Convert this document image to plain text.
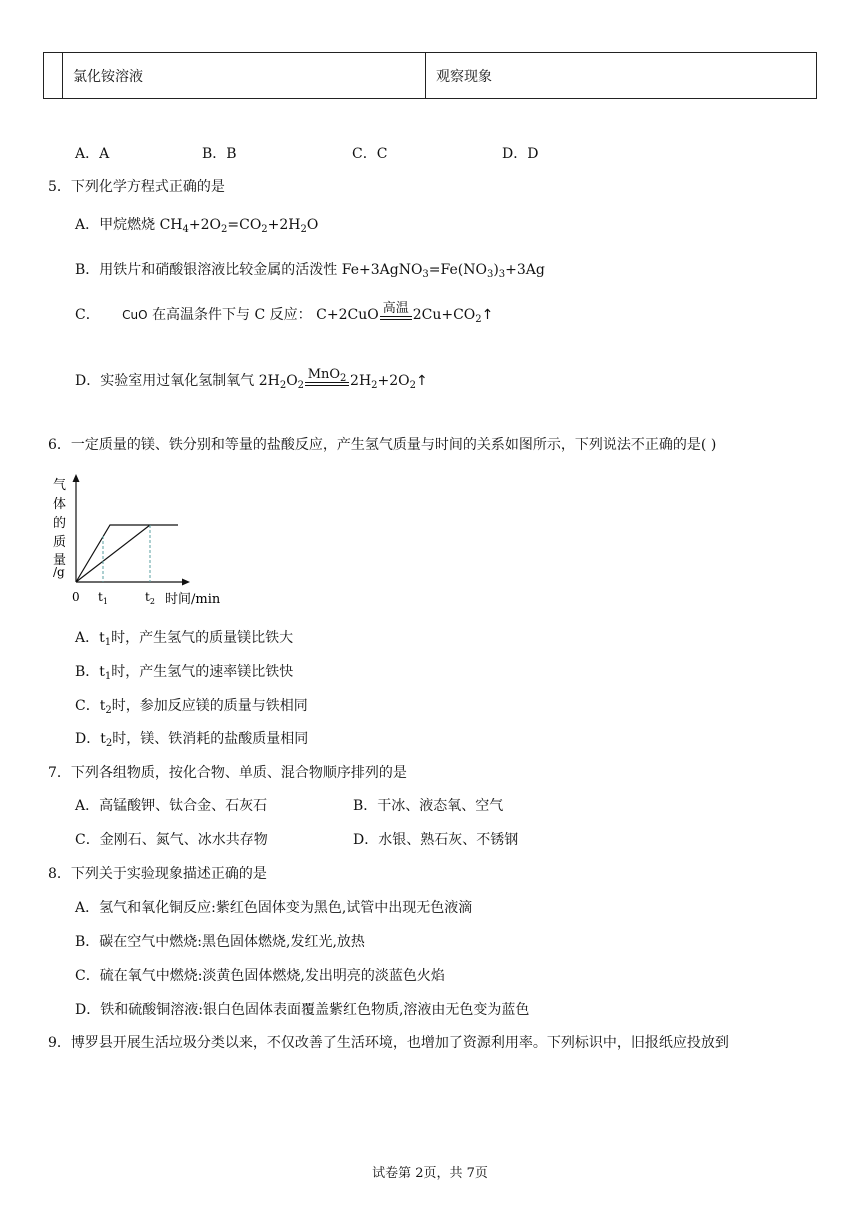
	氯化铵溶液	观察现象
A．A	B．B	C．C	D．D
5．下列化学方程式正确的是
A．甲烷燃烧 $CH_4+2O_2=CO_2+2H_2O$
B．用铁片和硝酸银溶液比较金属的活泼性 $Fe+3AgNO_3=Fe(NO_3)_3+3Ag$
C． CuO 在高温条件下与 C 反应： C+2CuO 高温 $2Cu+CO_2↑$
D．实验室用过氧化氢制氧气 $2H_2O_2$
MnO$_2$ $2H_2+2O_2↑$
6．一定质量的镁、铁分别和等量的盐酸反应，产生氢气质量与时间的关系如图所示，下列说法不正确的是( )
气
体
的
质
量
/g
0 $t_1$	$t_2$ 时间/min
A．$t_1$时，产生氢气的质量镁比铁大
B．$t_1$时，产生氢气的速率镁比铁快
C．$t_2$时，参加反应镁的质量与铁相同
D．$t_2$时，镁、铁消耗的盐酸质量相同
7．下列各组物质，按化合物、单质、混合物顺序排列的是
A．高锰酸钾、钛合金、石灰石	B．干冰、液态氧、空气
C．金刚石、氮气、冰水共存物	D．水银、熟石灰、不锈钢
8．下列关于实验现象描述正确的是
A．氢气和氧化铜反应:紫红色固体变为黑色,试管中出现无色液滴
B．碳在空气中燃烧:黑色固体燃烧,发红光,放热
C．硫在氧气中燃烧:淡黄色固体燃烧,发出明亮的淡蓝色火焰
D．铁和硫酸铜溶液:银白色固体表面覆盖紫红色物质,溶液由无色变为蓝色
9．博罗县开展生活垃圾分类以来，不仅改善了生活环境，也增加了资源利用率。下列标识中，旧报纸应投放到
试卷第 2页，共 7页
